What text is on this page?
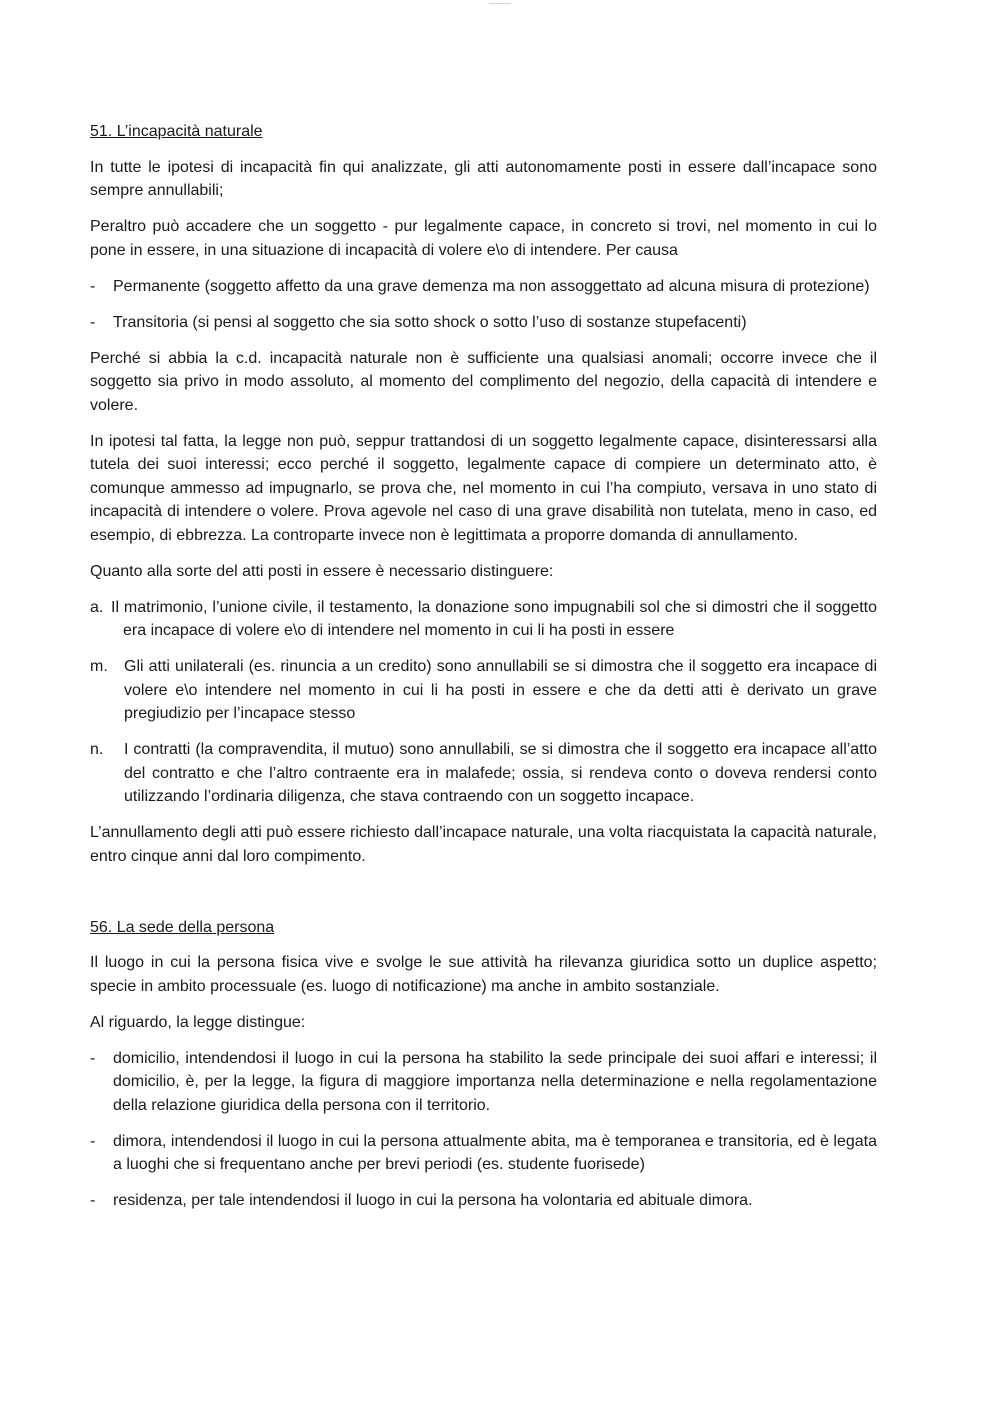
51. L’incapacità naturale

In tutte le ipotesi di incapacità fin qui analizzate, gli atti autonomamente posti in essere dall’incapace sono sempre annullabili;

Peraltro può accadere che un soggetto - pur legalmente capace, in concreto si trovi, nel momento in cui lo pone in essere, in una situazione di incapacità di volere e\o di intendere. Per causa

- Permanente (soggetto affetto da una grave demenza ma non assoggettato ad alcuna misura di protezione)
- Transitoria (si pensi al soggetto che sia sotto shock o sotto l’uso di sostanze stupefacenti)

Perché si abbia la c.d. incapacità naturale non è sufficiente una qualsiasi anomali; occorre invece che il soggetto sia privo in modo assoluto, al momento del complimento del negozio, della capacità di intendere e volere.

In ipotesi tal fatta, la legge non può, seppur trattandosi di un soggetto legalmente capace, disinteressarsi alla tutela dei suoi interessi; ecco perché il soggetto, legalmente capace di compiere un determinato atto, è comunque ammesso ad impugnarlo, se prova che, nel momento in cui l’ha compiuto, versava in uno stato di incapacità di intendere o volere. Prova agevole nel caso di una grave disabilità non tutelata, meno in caso, ed esempio, di ebbrezza. La controparte invece non è legittimata a proporre domanda di annullamento.

Quanto alla sorte del atti posti in essere è necessario distinguere:

a. Il matrimonio, l’unione civile, il testamento, la donazione sono impugnabili sol che si dimostri che il soggetto era incapace di volere e\o di intendere nel momento in cui li ha posti in essere
m. Gli atti unilaterali (es. rinuncia a un credito) sono annullabili se si dimostra che il soggetto era incapace di volere e\o intendere nel momento in cui li ha posti in essere e che da detti atti è derivato un grave pregiudizio per l’incapace stesso
n. I contratti (la compravendita, il mutuo) sono annullabili, se si dimostra che il soggetto era incapace all’atto del contratto e che l’altro contraente era in malafede; ossia, si rendeva conto o doveva rendersi conto utilizzando l’ordinaria diligenza, che stava contraendo con un soggetto incapace.

L’annullamento degli atti può essere richiesto dall’incapace naturale, una volta riacquistata la capacità naturale, entro cinque anni dal loro compimento.

56. La sede della persona

Il luogo in cui la persona fisica vive e svolge le sue attività ha rilevanza giuridica sotto un duplice aspetto; specie in ambito processuale (es. luogo di notificazione) ma anche in ambito sostanziale.

Al riguardo, la legge distingue:

- domicilio, intendendosi il luogo in cui la persona ha stabilito la sede principale dei suoi affari e interessi; il domicilio, è, per la legge, la figura di maggiore importanza nella determinazione e nella regolamentazione della relazione giuridica della persona con il territorio.
- dimora, intendendosi il luogo in cui la persona attualmente abita, ma è temporanea e transitoria, ed è legata a luoghi che si frequentano anche per brevi periodi (es. studente fuorisede)
- residenza, per tale intendendosi il luogo in cui la persona ha volontaria ed abituale dimora.
